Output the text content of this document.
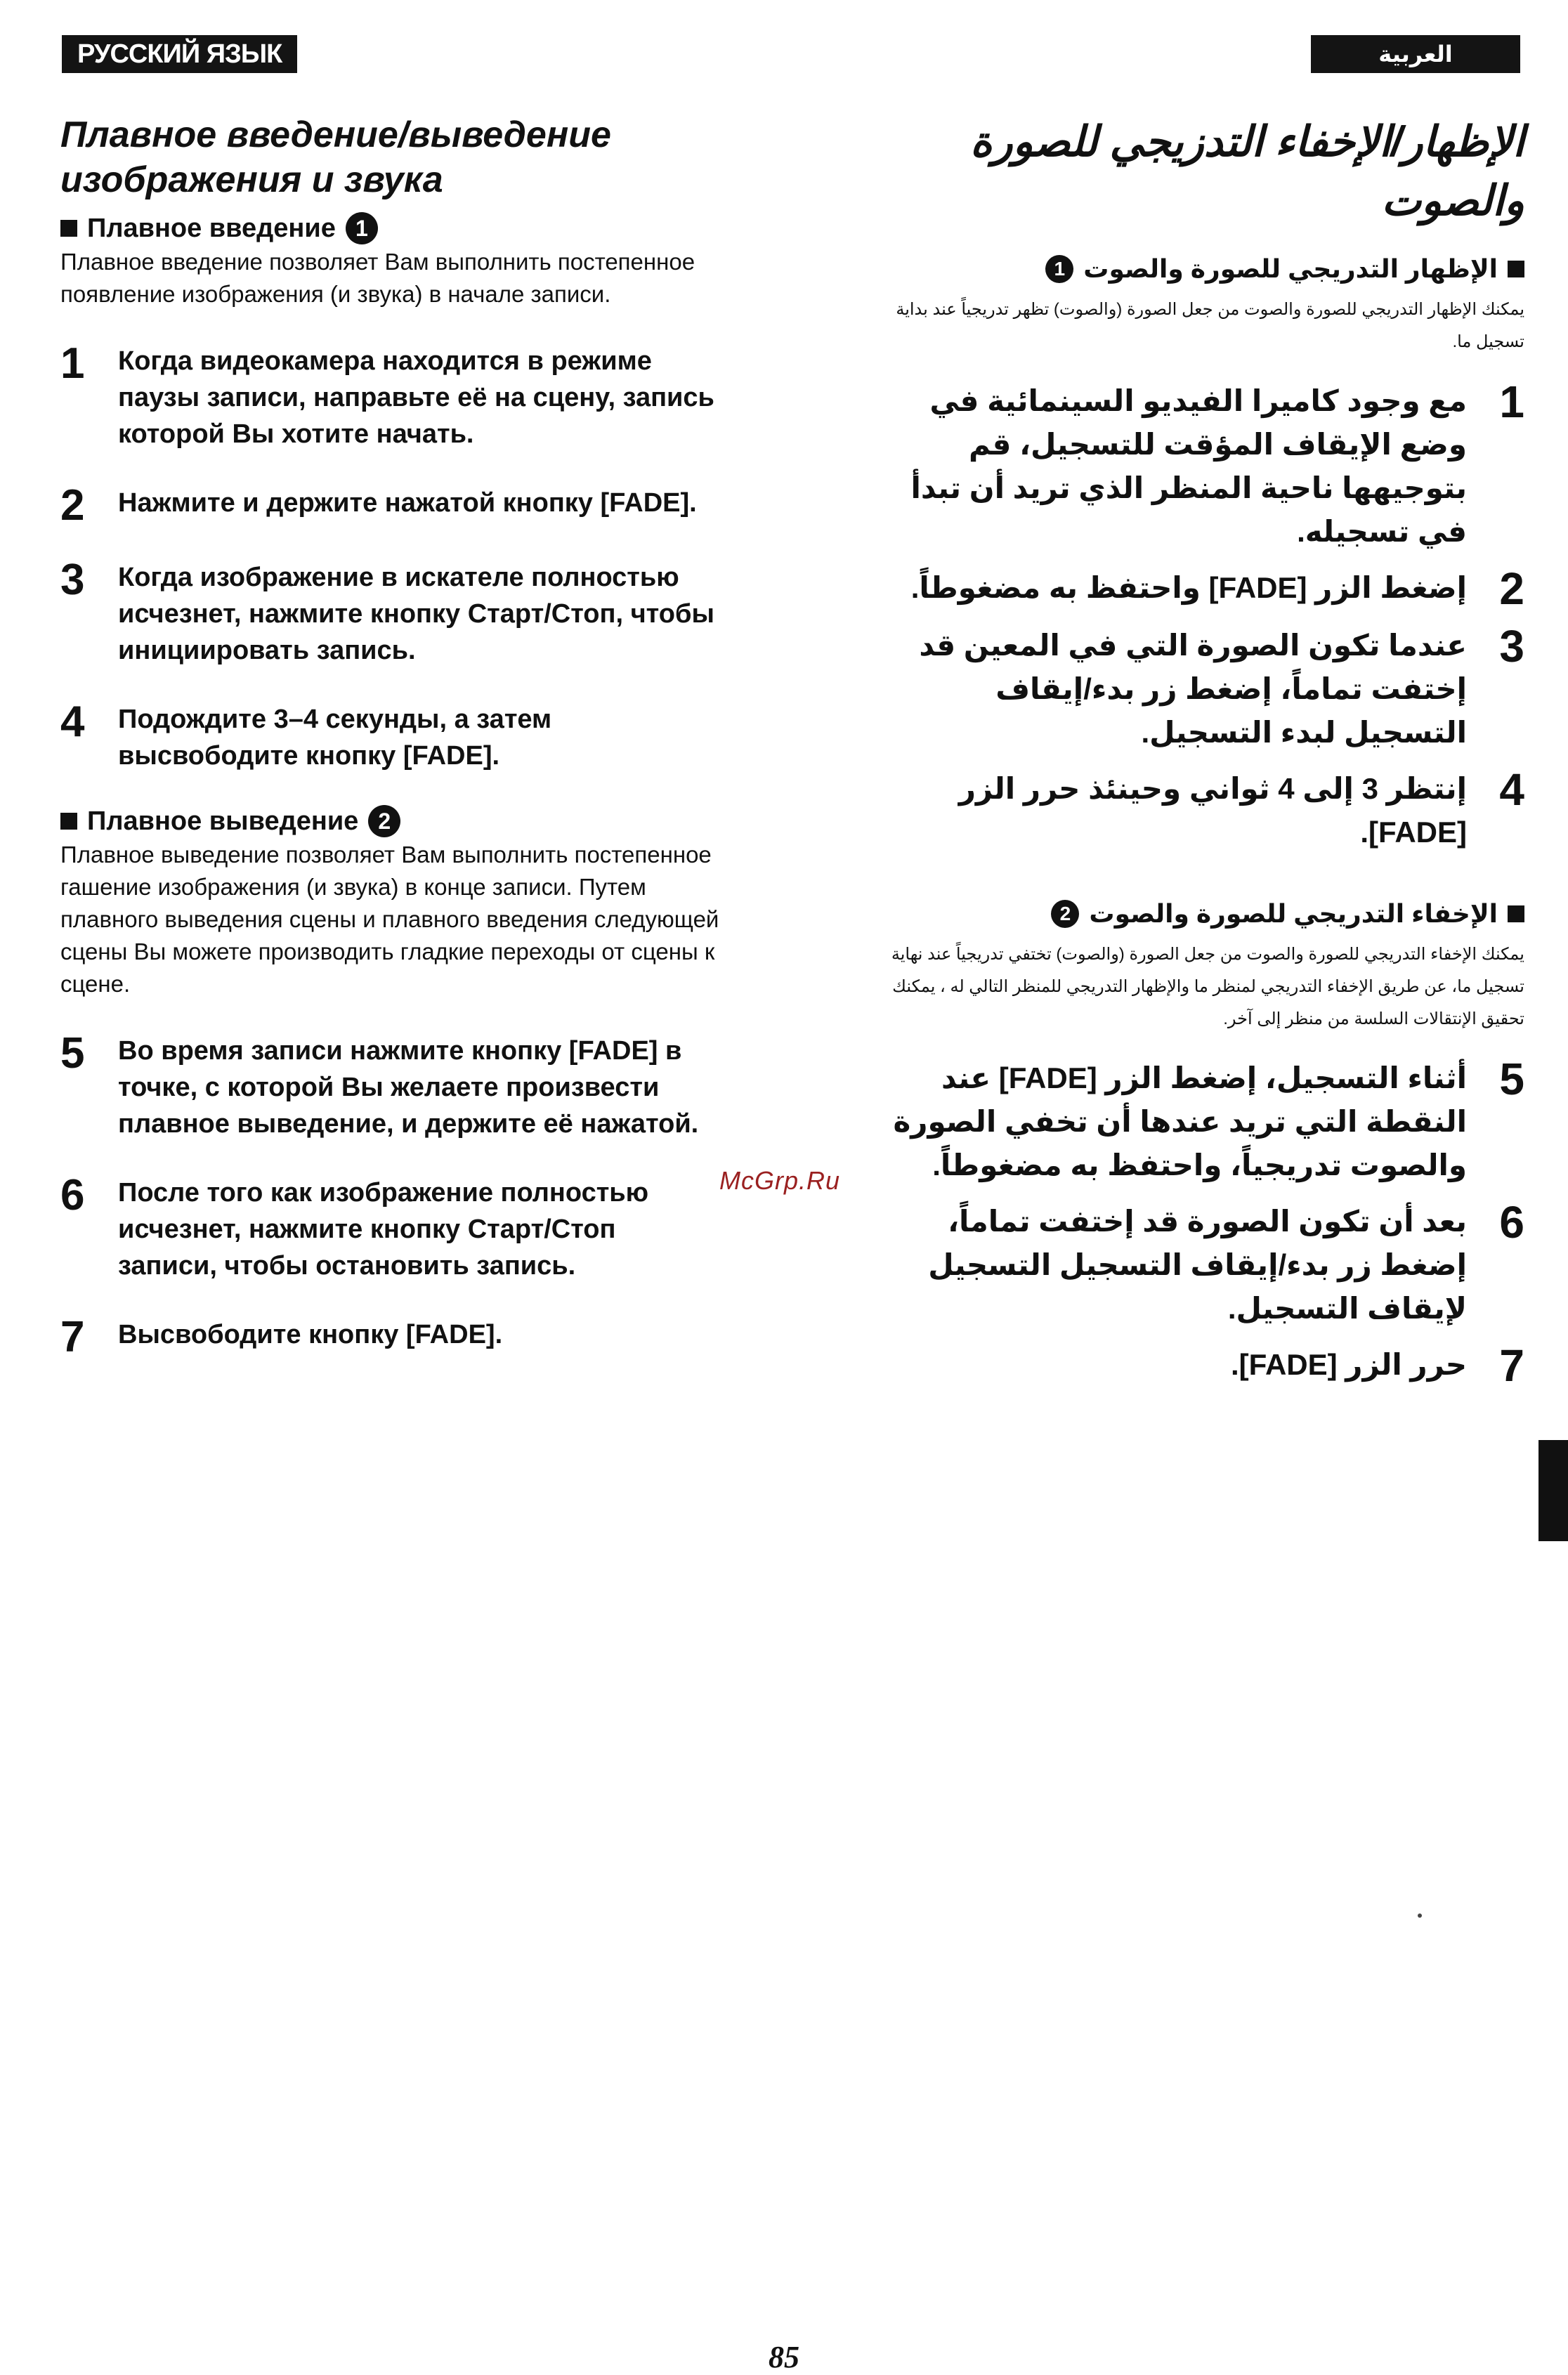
РУССКИЙ ЯЗЫК	العربية
Плавное введение/выведение изображения и звука
Плавное введение 1

Плавное введение позволяет Вам выполнить постепенное появление изображения (и звука) в начале записи.

1	Когда видеокамера находится в режиме паузы записи, направьте её на сцену, запись которой Вы хотите начать.
2	Нажмите и держите нажатой кнопку [FADE].
3	Когда изображение в искателе полностью исчезнет, нажмите кнопку Старт/Стоп, чтобы инициировать запись.
4	Подождите 3–4 секунды, а затем высвободите кнопку [FADE].
Плавное выведение 2

Плавное выведение позволяет Вам выполнить постепенное гашение изображения (и звука) в конце записи. Путем плавного выведения сцены и плавного введения следующей сцены Вы можете производить гладкие переходы от сцены к сцене.

5	Во время записи нажмите кнопку [FADE] в точке, с которой Вы желаете произвести плавное выведение, и держите её нажатой.
6	После того как изображение полностью исчезнет, нажмите кнопку Старт/Стоп записи, чтобы остановить запись.
7	Высвободите кнопку [FADE].
الإظهار/الإخفاء التدزيجي للصورة والصوت
الإظهار التدريجي للصورة والصوت
1

يمكنك الإظهار التدريجي للصورة والصوت من جعل الصورة (والصوت) تظهر تدريجياً عند بداية تسجيل ما.

1
مع وجود كاميرا الفيديو السينمائية في وضع الإيقاف المؤقت للتسجيل، قم بتوجيهها ناحية المنظر الذي تريد أن تبدأ في تسجيله.
2
إضغط الزر [FADE] واحتفظ به مضغوطاً.
3
عندما تكون الصورة التي في المعين قد إختفت تماماً، إضغط زر بدء/إيقاف التسجيل لبدء التسجيل.
4
إنتظر 3 إلى 4 ثواني وحينئذ حرر الزر [FADE].
الإخفاء التدريجي للصورة والصوت
2

يمكنك الإخفاء التدريجي للصورة والصوت من جعل الصورة (والصوت) تختفي تدريجياً عند نهاية تسجيل ما، عن طريق الإخفاء التدريجي لمنظر ما والإظهار التدريجي للمنظر التالي له ، يمكنك تحقيق الإنتقالات السلسة من منظر إلى آخر.

5
أثناء التسجيل، إضغط الزر [FADE] عند النقطة التي تريد عندها أن تخفي الصورة والصوت تدريجياً، واحتفظ به مضغوطاً.
6
بعد أن تكون الصورة قد إختفت تماماً، إضغط زر بدء/إيقاف التسجيل التسجيل لإيقاف التسجيل.
7
حرر الزر [FADE].
McGrp.Ru
85
